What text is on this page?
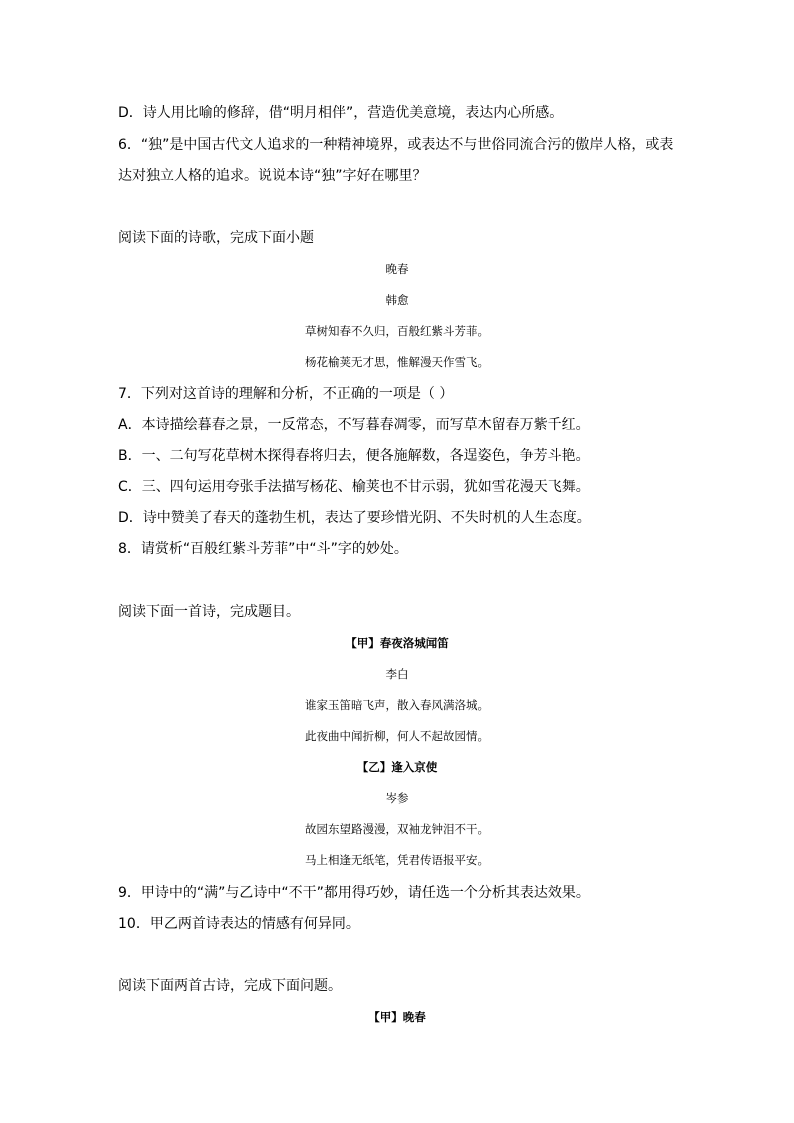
D．诗人用比喻的修辞，借“明月相伴”，营造优美意境，表达内心所感。
6．“独”是中国古代文人追求的一种精神境界，或表达不与世俗同流合污的傲岸人格，或表
达对独立人格的追求。说说本诗“独”字好在哪里？
阅读下面的诗歌，完成下面小题
晚春
韩愈
草树知春不久归，百般红紫斗芳菲。
杨花榆荚无才思，惟解漫天作雪飞。
7．下列对这首诗的理解和分析，不正确的一项是（ ）
A．本诗描绘暮春之景，一反常态，不写暮春凋零，而写草木留春万紫千红。
B．一、二句写花草树木探得春将归去，便各施解数，各逞姿色，争芳斗艳。
C．三、四句运用夸张手法描写杨花、榆荚也不甘示弱，犹如雪花漫天飞舞。
D．诗中赞美了春天的蓬勃生机，表达了要珍惜光阴、不失时机的人生态度。
8．请赏析“百般红紫斗芳菲”中“斗”字的妙处。
阅读下面一首诗，完成题目。
【甲】春夜洛城闻笛
李白
谁家玉笛暗飞声，散入春风满洛城。
此夜曲中闻折柳，何人不起故园情。
【乙】逢入京使
岑参
故园东望路漫漫，双袖龙钟泪不干。
马上相逢无纸笔，凭君传语报平安。
9．甲诗中的“满”与乙诗中“不干”都用得巧妙，请任选一个分析其表达效果。
10．甲乙两首诗表达的情感有何异同。
阅读下面两首古诗，完成下面问题。
【甲】晚春
